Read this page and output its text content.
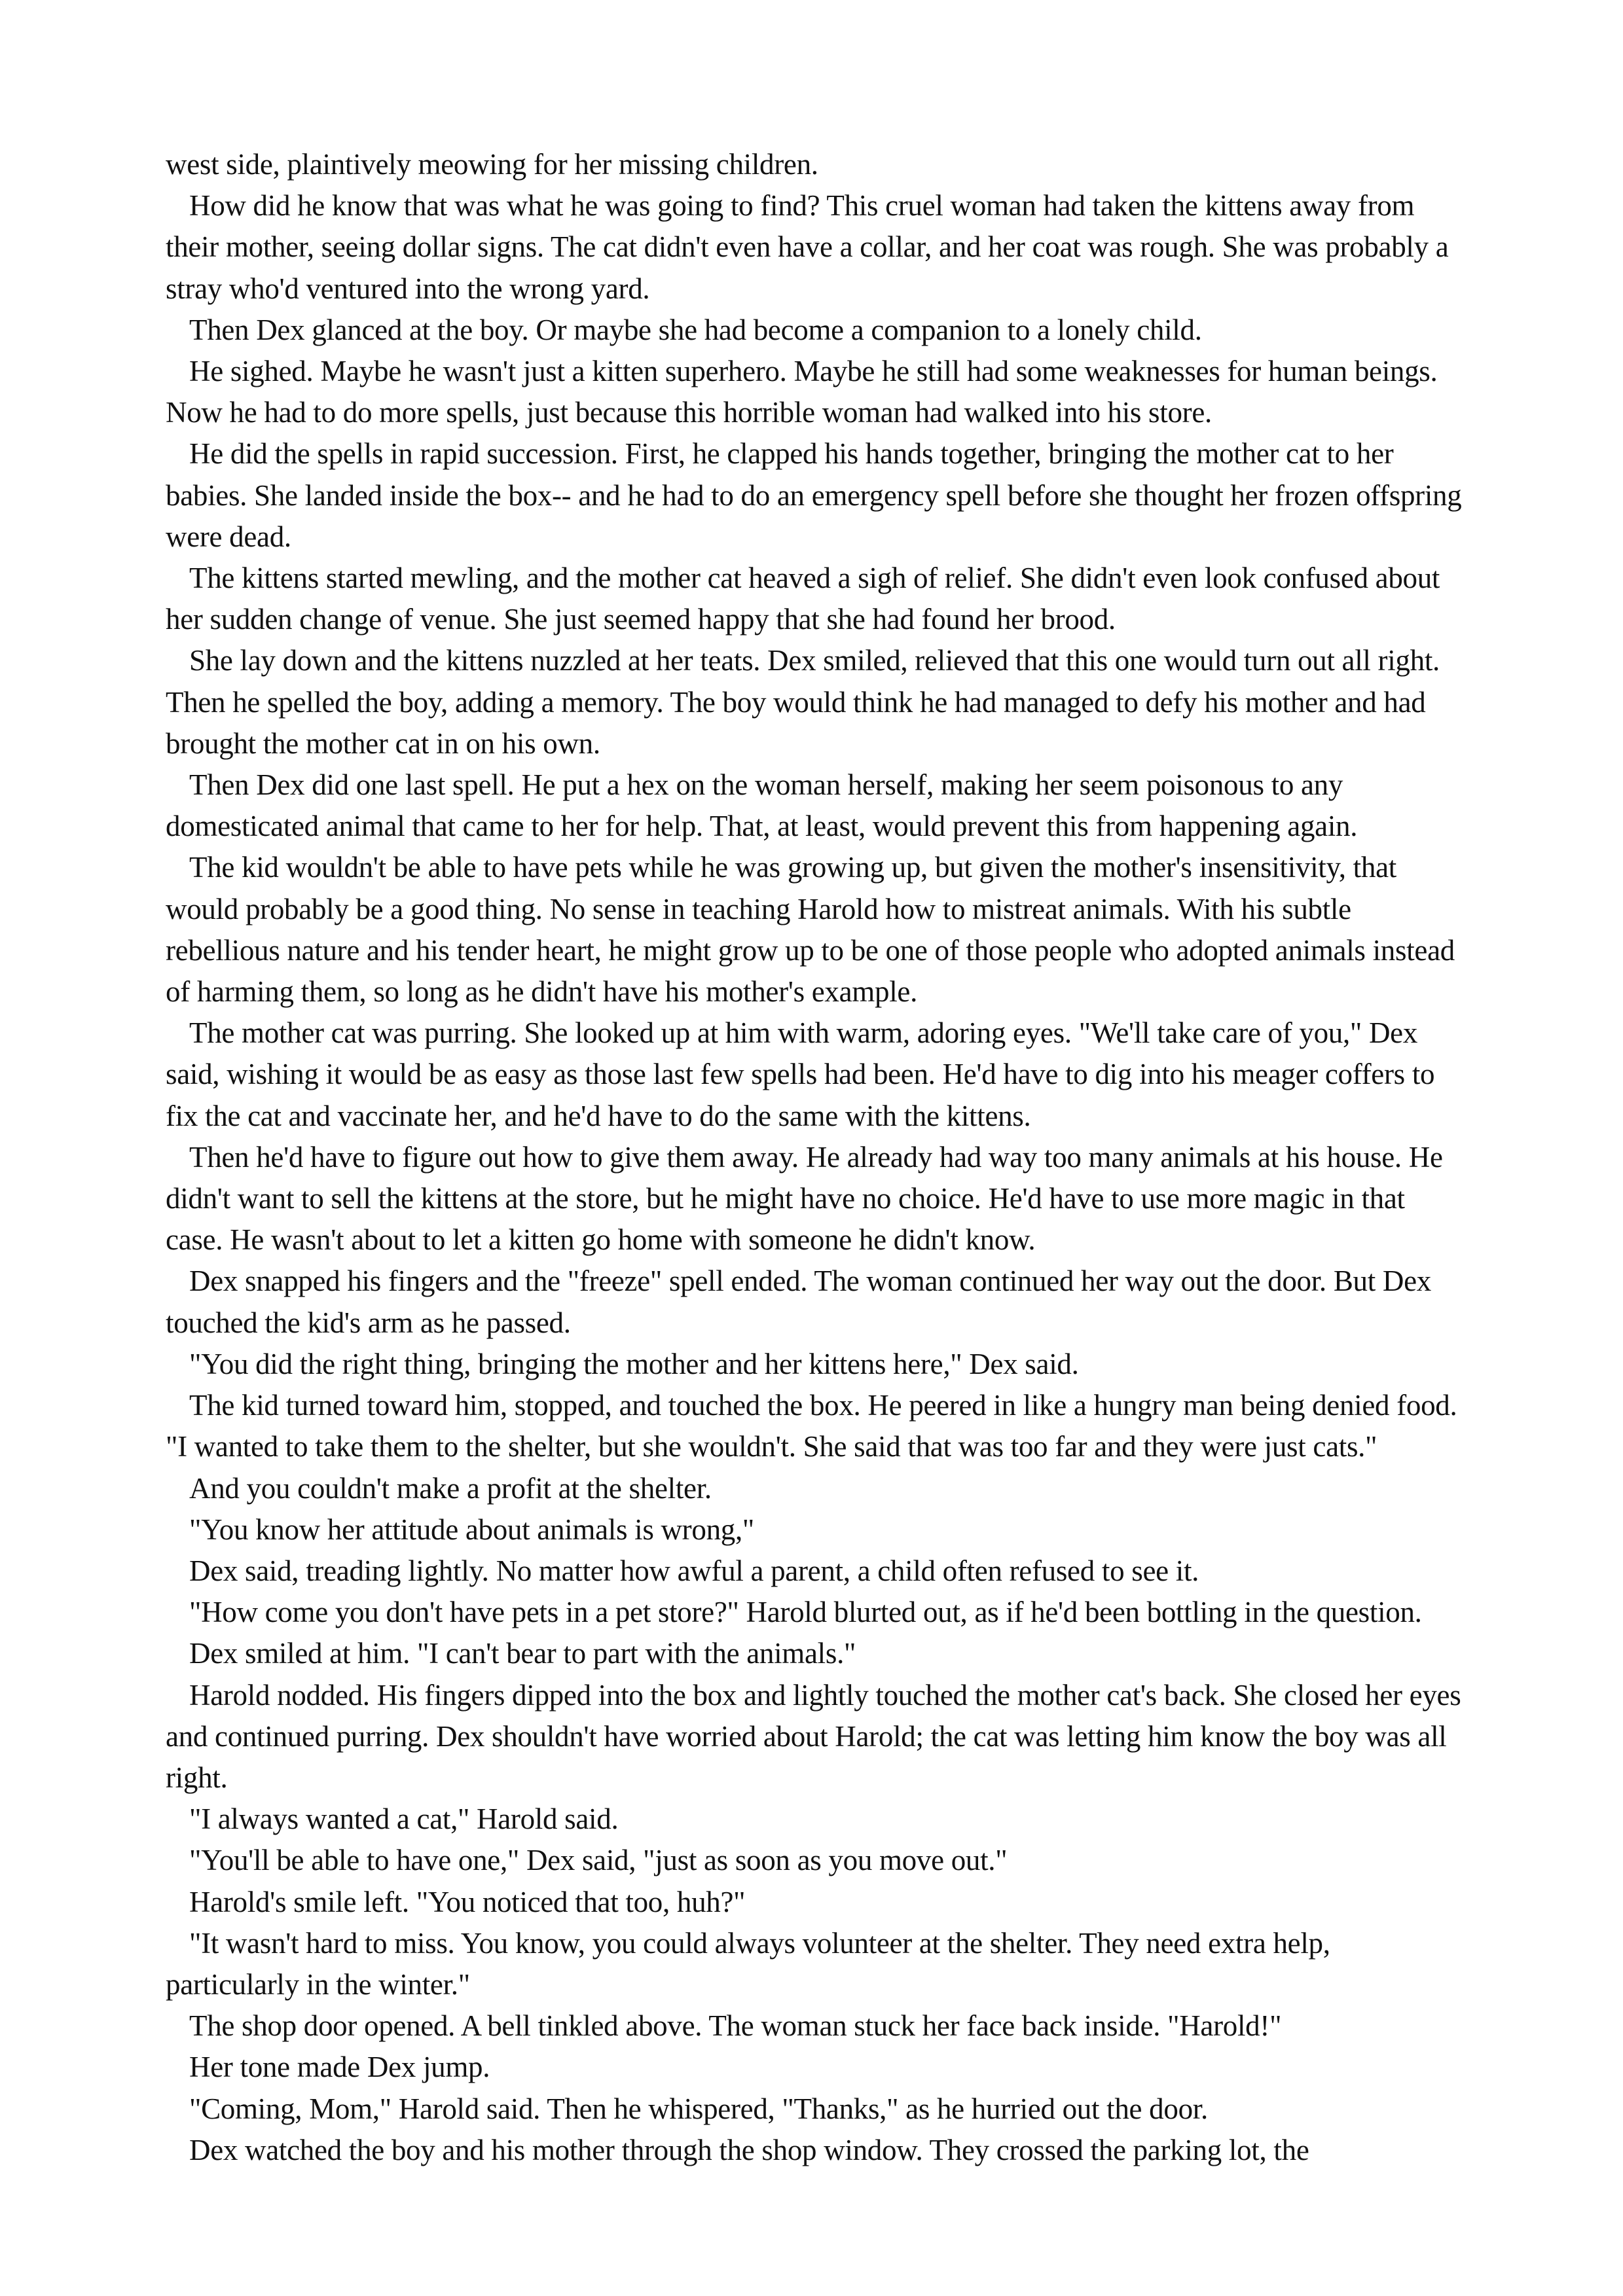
west side, plaintively meowing for her missing children.

How did he know that was what he was going to find? This cruel woman had taken the kittens away from their mother, seeing dollar signs. The cat didn't even have a collar, and her coat was rough. She was probably a stray who'd ventured into the wrong yard.

Then Dex glanced at the boy. Or maybe she had become a companion to a lonely child.

He sighed. Maybe he wasn't just a kitten superhero. Maybe he still had some weaknesses for human beings. Now he had to do more spells, just because this horrible woman had walked into his store.

He did the spells in rapid succession. First, he clapped his hands together, bringing the mother cat to her babies. She landed inside the box-- and he had to do an emergency spell before she thought her frozen offspring were dead.

The kittens started mewling, and the mother cat heaved a sigh of relief. She didn't even look confused about her sudden change of venue. She just seemed happy that she had found her brood.

She lay down and the kittens nuzzled at her teats. Dex smiled, relieved that this one would turn out all right. Then he spelled the boy, adding a memory. The boy would think he had managed to defy his mother and had brought the mother cat in on his own.

Then Dex did one last spell. He put a hex on the woman herself, making her seem poisonous to any domesticated animal that came to her for help. That, at least, would prevent this from happening again.

The kid wouldn't be able to have pets while he was growing up, but given the mother's insensitivity, that would probably be a good thing. No sense in teaching Harold how to mistreat animals. With his subtle rebellious nature and his tender heart, he might grow up to be one of those people who adopted animals instead of harming them, so long as he didn't have his mother's example.

The mother cat was purring. She looked up at him with warm, adoring eyes. "We'll take care of you," Dex said, wishing it would be as easy as those last few spells had been. He'd have to dig into his meager coffers to fix the cat and vaccinate her, and he'd have to do the same with the kittens.

Then he'd have to figure out how to give them away. He already had way too many animals at his house. He didn't want to sell the kittens at the store, but he might have no choice. He'd have to use more magic in that case. He wasn't about to let a kitten go home with someone he didn't know.

Dex snapped his fingers and the "freeze" spell ended. The woman continued her way out the door. But Dex touched the kid's arm as he passed.

"You did the right thing, bringing the mother and her kittens here," Dex said.

The kid turned toward him, stopped, and touched the box. He peered in like a hungry man being denied food. "I wanted to take them to the shelter, but she wouldn't. She said that was too far and they were just cats."

And you couldn't make a profit at the shelter.

"You know her attitude about animals is wrong,"

Dex said, treading lightly. No matter how awful a parent, a child often refused to see it.

"How come you don't have pets in a pet store?" Harold blurted out, as if he'd been bottling in the question.

Dex smiled at him. "I can't bear to part with the animals."

Harold nodded. His fingers dipped into the box and lightly touched the mother cat's back. She closed her eyes and continued purring. Dex shouldn't have worried about Harold; the cat was letting him know the boy was all right.

"I always wanted a cat," Harold said.

"You'll be able to have one," Dex said, "just as soon as you move out."

Harold's smile left. "You noticed that too, huh?"

"It wasn't hard to miss. You know, you could always volunteer at the shelter. They need extra help, particularly in the winter."

The shop door opened. A bell tinkled above. The woman stuck her face back inside. "Harold!"

Her tone made Dex jump.

"Coming, Mom," Harold said. Then he whispered, "Thanks," as he hurried out the door.

Dex watched the boy and his mother through the shop window. They crossed the parking lot, the
